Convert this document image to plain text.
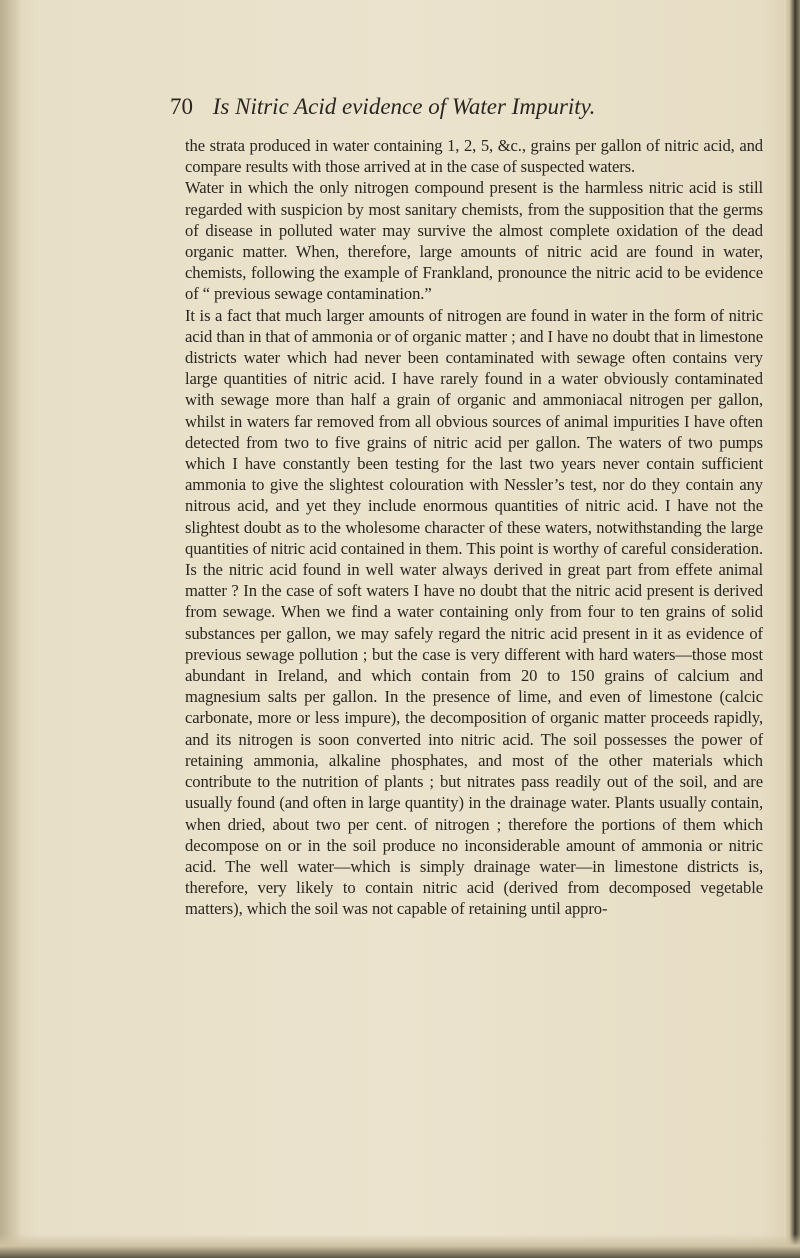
70 Is Nitric Acid evidence of Water Impurity.

the strata produced in water containing 1, 2, 5, &c., grains per gallon of nitric acid, and compare results with those arrived at in the case of suspected waters.
Water in which the only nitrogen compound present is the harmless nitric acid is still regarded with suspicion by most sanitary chemists, from the supposition that the germs of disease in polluted water may survive the almost complete oxidation of the dead organic matter. When, therefore, large amounts of nitric acid are found in water, chemists, following the example of Frankland, pronounce the nitric acid to be evidence of “ previous sewage contamination.”
It is a fact that much larger amounts of nitrogen are found in water in the form of nitric acid than in that of ammonia or of organic matter ; and I have no doubt that in limestone districts water which had never been contaminated with sewage often contains very large quantities of nitric acid. I have rarely found in a water obviously contaminated with sewage more than half a grain of organic and ammoniacal nitrogen per gallon, whilst in waters far removed from all obvious sources of animal impurities I have often detected from two to five grains of nitric acid per gallon. The waters of two pumps which I have constantly been testing for the last two years never contain sufficient ammonia to give the slightest colouration with Nessler’s test, nor do they contain any nitrous acid, and yet they include enormous quantities of nitric acid. I have not the slightest doubt as to the wholesome character of these waters, notwithstanding the large quantities of nitric acid contained in them. This point is worthy of careful consideration. Is the nitric acid found in well water always derived in great part from effete animal matter ? In the case of soft waters I have no doubt that the nitric acid present is derived from sewage. When we find a water containing only from four to ten grains of solid substances per gallon, we may safely regard the nitric acid present in it as evidence of previous sewage pollution ; but the case is very different with hard waters—those most abundant in Ireland, and which contain from 20 to 150 grains of calcium and magnesium salts per gallon. In the presence of lime, and even of limestone (calcic carbonate, more or less impure), the decomposition of organic matter proceeds rapidly, and its nitrogen is soon converted into nitric acid. The soil possesses the power of retaining ammonia, alkaline phosphates, and most of the other materials which contribute to the nutrition of plants ; but nitrates pass readily out of the soil, and are usually found (and often in large quantity) in the drainage water. Plants usually contain, when dried, about two per cent. of nitrogen ; therefore the portions of them which decompose on or in the soil produce no inconsiderable amount of ammonia or nitric acid. The well water—which is simply drainage water—in limestone districts is, therefore, very likely to contain nitric acid (derived from decomposed vegetable matters), which the soil was not capable of retaining until appro-
